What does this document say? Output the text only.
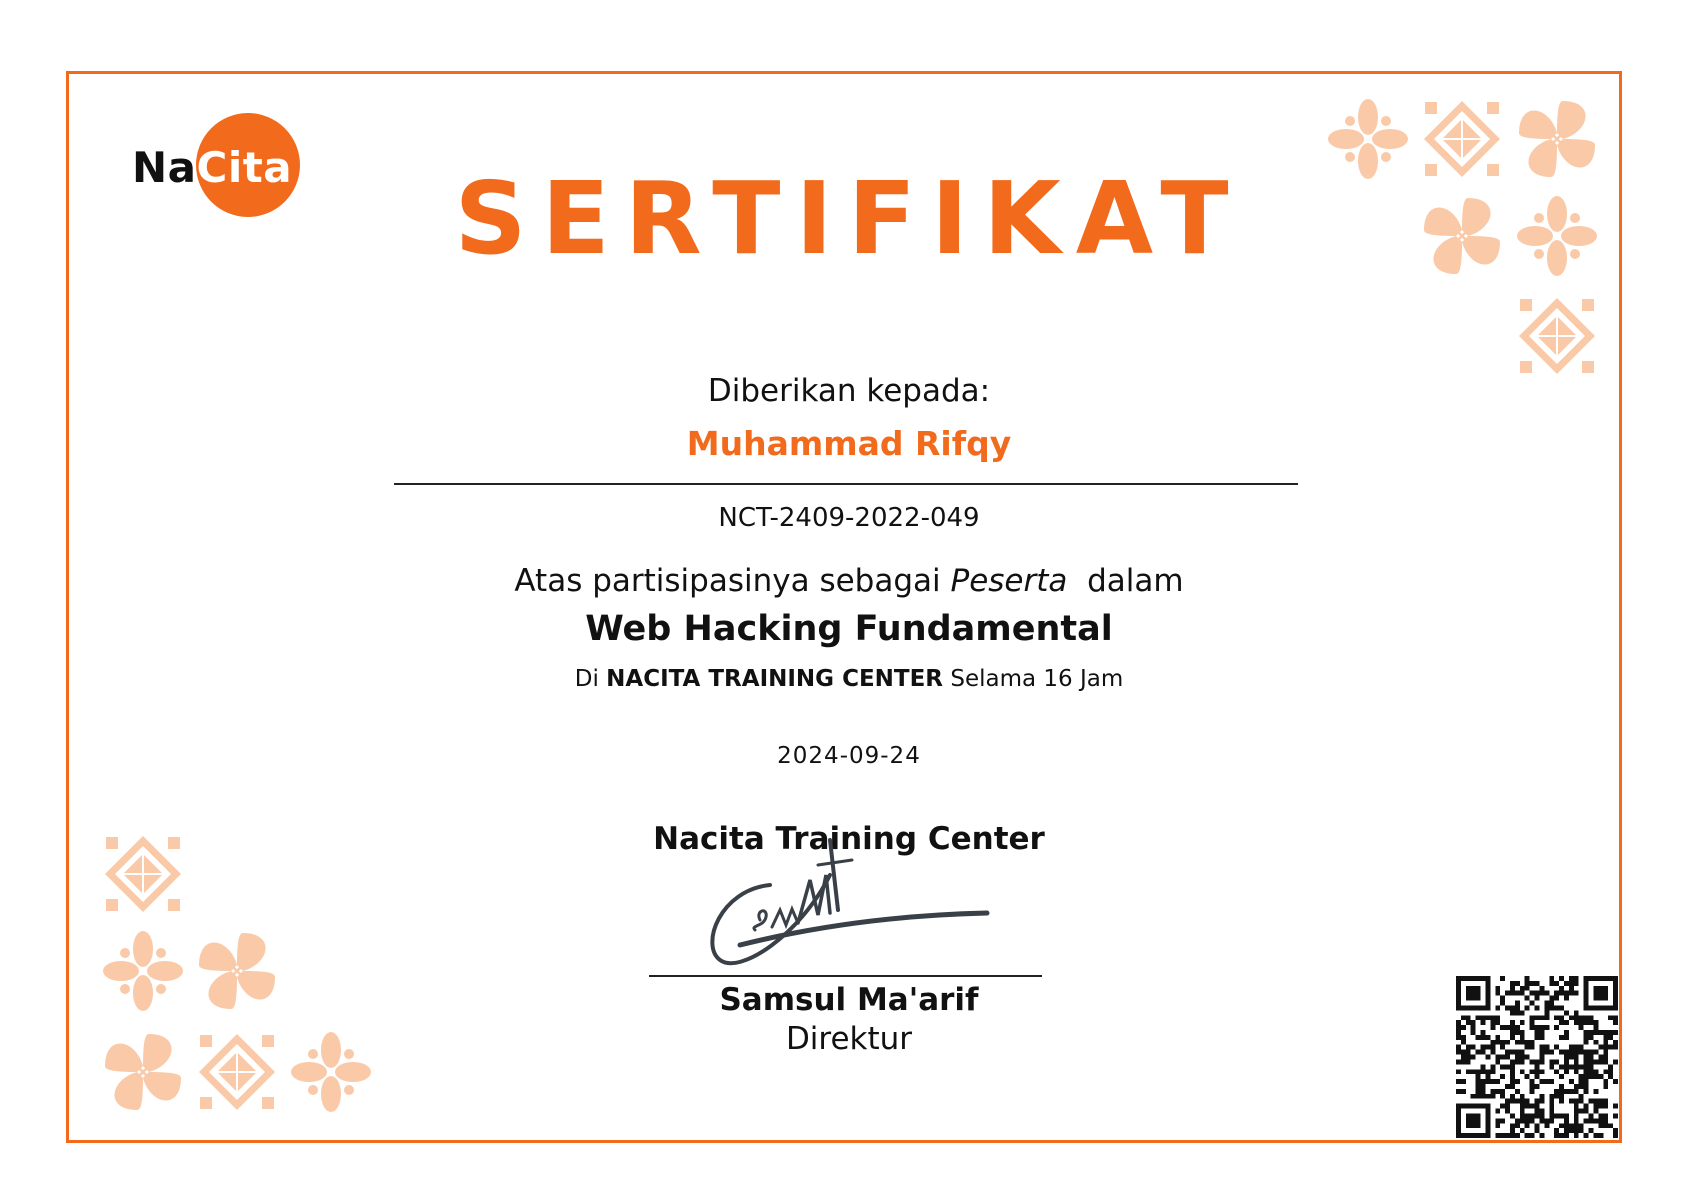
NaCita	SERTIFIKAT
Diberikan kepada:
Muhammad Rifqy
NCT-2409-2022-049
Atas partisipasinya sebagai Peserta dalam
Web Hacking Fundamental
Di NACITA TRAINING CENTER Selama 16 Jam
2024-09-24
Nacita Training Center
Samsul Ma'arif
Direktur
